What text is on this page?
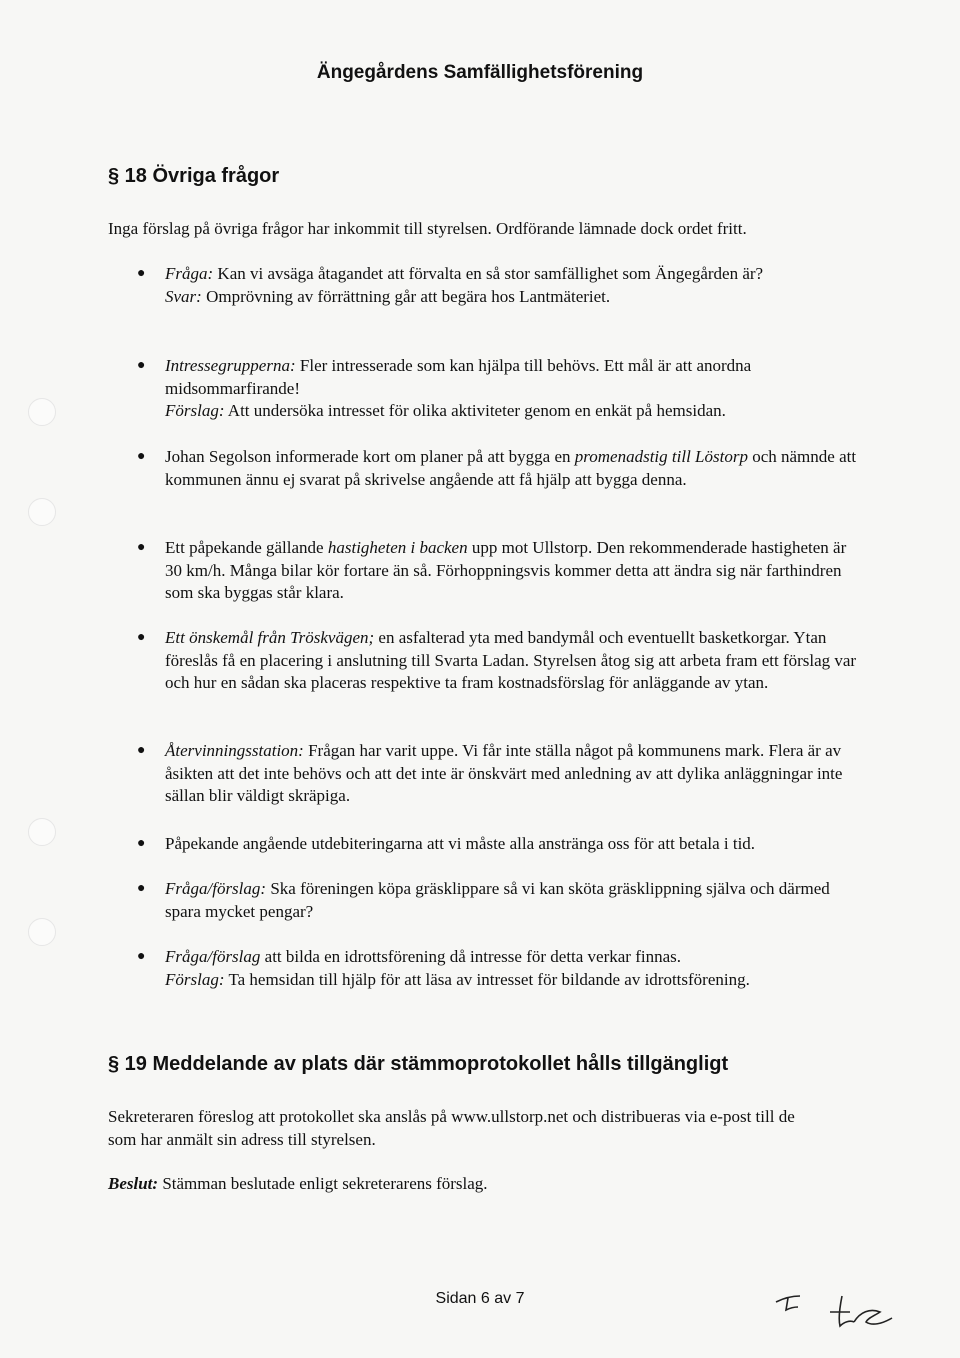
Ängegårdens Samfällighetsförening
§ 18 Övriga frågor
Inga förslag på övriga frågor har inkommit till styrelsen. Ordförande lämnade dock ordet fritt.
●	Fråga: Kan vi avsäga åtagandet att förvalta en så stor samfällighet som Ängegården är?

Svar: Omprövning av förrättning går att begära hos Lantmäteriet.

●	Intressegrupperna: Fler intresserade som kan hjälpa till behövs. Ett mål är att anordna midsommarfirande!

Förslag: Att undersöka intresset för olika aktiviteter genom en enkät på hemsidan.

●	Johan Segolson informerade kort om planer på att bygga en promenadstig till Löstorp och nämnde att kommunen ännu ej svarat på skrivelse angående att få hjälp att bygga denna.

●	Ett påpekande gällande hastigheten i backen upp mot Ullstorp. Den rekommenderade hastigheten är 30 km/h. Många bilar kör fortare än så. Förhoppningsvis kommer detta att ändra sig när farthindren som ska byggas står klara.

●	Ett önskemål från Tröskvägen; en asfalterad yta med bandymål och eventuellt basketkorgar. Ytan föreslås få en placering i anslutning till Svarta Ladan. Styrelsen åtog sig att arbeta fram ett förslag var och hur en sådan ska placeras respektive ta fram kostnadsförslag för anläggande av ytan.

●	Återvinningsstation: Frågan har varit uppe. Vi får inte ställa något på kommunens mark. Flera är av åsikten att det inte behövs och att det inte är önskvärt med anledning av att dylika anläggningar inte sällan blir väldigt skräpiga.

●	Påpekande angående utdebiteringarna att vi måste alla anstränga oss för att betala i tid.

●	Fråga/förslag: Ska föreningen köpa gräsklippare så vi kan sköta gräsklippning själva och därmed spara mycket pengar?

●	Fråga/förslag att bilda en idrottsförening då intresse för detta verkar finnas.

Förslag: Ta hemsidan till hjälp för att läsa av intresset för bildande av idrottsförening.

§ 19 Meddelande av plats där stämmoprotokollet hålls tillgängligt
Sekreteraren föreslog att protokollet ska anslås på www.ullstorp.net och distribueras via e-post till de som har anmält sin adress till styrelsen.
Beslut: Stämman beslutade enligt sekreterarens förslag.
Sidan 6 av 7
